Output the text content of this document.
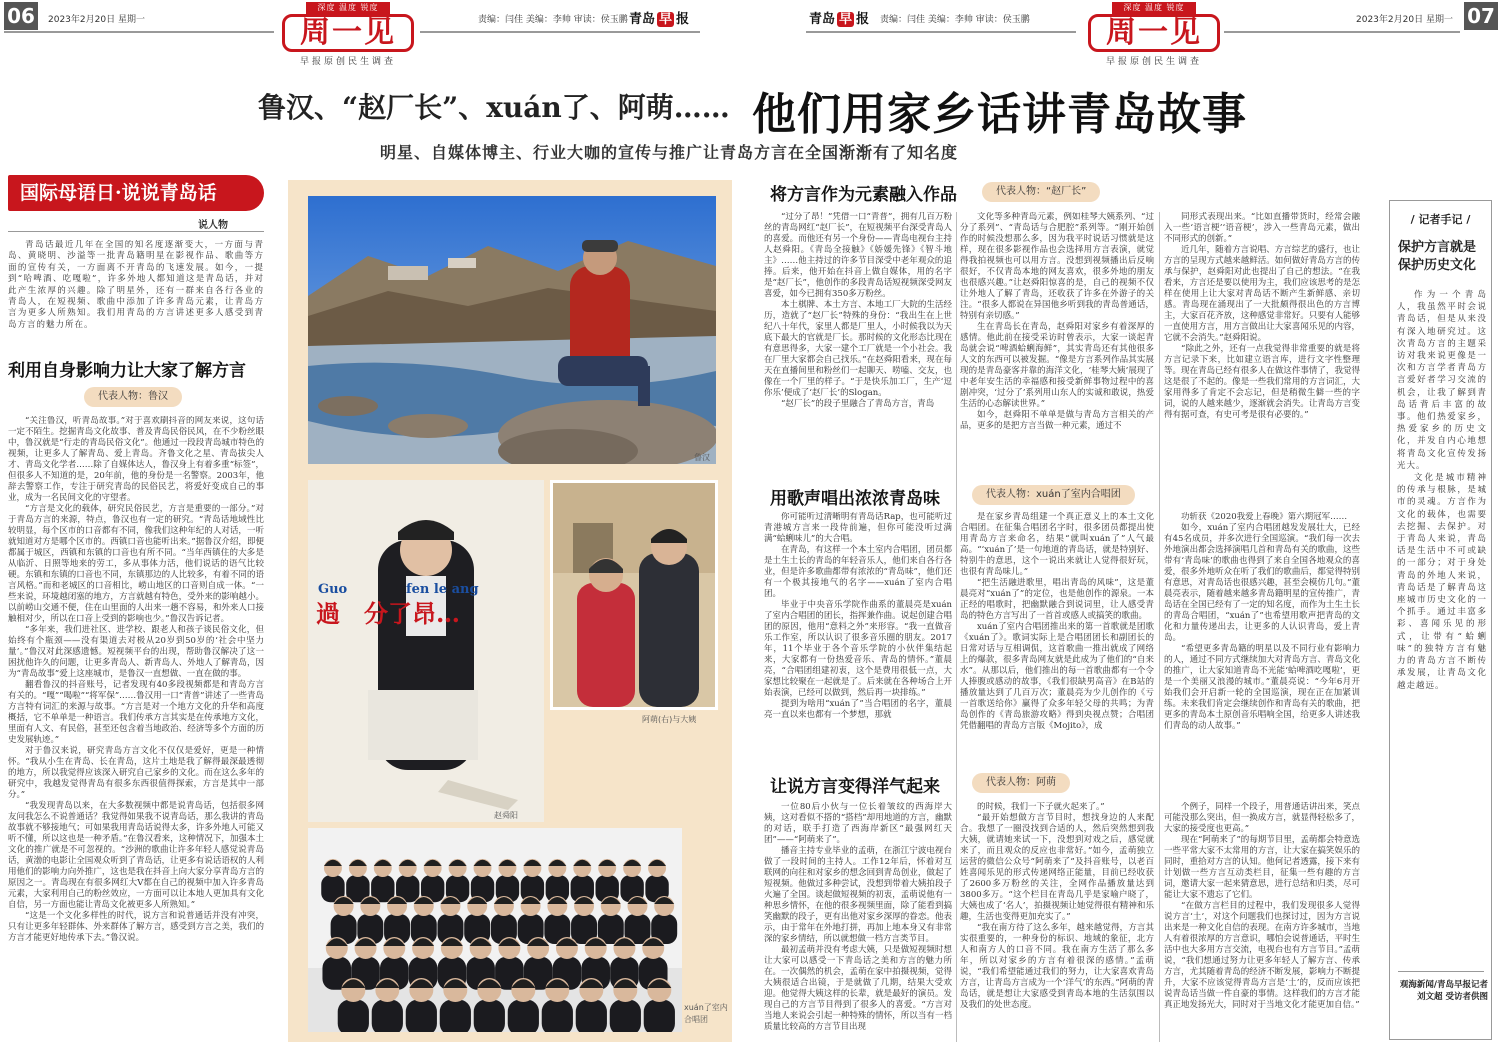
06	2023年2月20日 星期一	责编：闫佳 美编：李帅 审读：侯玉鹏 青岛 早 报	青岛 早 报 责编：闫佳 美编：李帅 审读：侯玉鹏	2023年2月20日 星期一 07
深度 温度 锐度
周一见
早报原创民生调查
深度 温度 锐度
周一见
早报原创民生调查
鲁汉、“赵厂长”、xuán了、阿萌…… 他们用家乡话讲青岛故事
明星、自媒体博主、行业大咖的宣传与推广让青岛方言在全国渐渐有了知名度
国际母语日·说说青岛话
说人物

青岛话最近几年在全国的知名度逐渐变大，一方面与青岛、黄晓明、沙溢等一批青岛籍明星在影视作品、歌曲等方面的宣传有关，一方面离不开青岛的飞速发展。如今，一提到“哈啤酒、吃嘎啦”，许多外地人都知道这是青岛话，并对此产生浓厚的兴趣。除了明星外，还有一群来自各行各业的青岛人，在短视频、歌曲中添加了许多青岛元素，让青岛方言为更多人所熟知。我们用青岛的方言讲述更多人感受到青岛方言的魅力所在。

利用自身影响力让大家了解方言
代表人物：鲁汉

“关注鲁汉，听青岛故事。”对于喜欢刷抖音的网友来说，这句话一定不陌生。挖掘青岛文化故事、普及青岛民俗民风，在不少粉丝眼中，鲁汉就是“行走的青岛民俗文化”。他通过一段段青岛城市特色的视频，让更多人了解青岛、爱上青岛。齐鲁文化之星、青岛拔尖人才、青岛文化学者……除了自媒体达人，鲁汉身上有着多重“标签”，但很多人不知道的是，20年前，他的身份是一名警察。2003年，他辞去警察工作，专注于研究青岛的民俗民艺，将爱好变成自己的事业，成为一名民间文化的守望者。

“方言是文化的载体，研究民俗民艺，方言是重要的一部分。”对于青岛方言的来源，特点，鲁汉也有一定的研究。“青岛话地域性比较明显，每个区市的口音都有不同，像我们这种年纪的人对话，一听就知道对方是哪个区市的。西镇口音也能听出来。”据鲁汉介绍，即便都属于城区，西镇和东镇的口音也有所不同。“当年西镇住的大多是从临沂、日照等地来的劳工，多从事体力活，他们说话的语气比较硬。东镇和东镇的口音也不同，东镇那边的人比较多，有着不同的语言风格。”而和老城区的口音相比，崂山地区的口音则自成一体。“一些来说，环境越闭塞的地方，方言就越有特色，受外来的影响越小。以前崂山交通不便，住在山里面的人出来一趟不容易，和外来人口接触相对少，所以在口音上受到的影响也少。”鲁汉告诉记者。

“多年来，我们进社区、进学校、跟老人和孩子谈民俗文化，但始终有个瓶颈——没有渠道去对极从20岁到50岁的‘社会中坚力量’。”鲁汉对此深感遗憾。短视频平台的出现，帮助鲁汉解决了这一困扰他许久的问题，让更多青岛人、新青岛人、外地人了解青岛，因为“青岛故事”爱上这座城市，是鲁汉一直想做、一直在做的事。

翻看鲁汉的抖音账号，记者发现有40多段视频都是和青岛方言有关的。“嘎”“喝啦”“将军保”……鲁汉用一口“青普”讲述了一些青岛方言特有词汇的来源与故事。“方言是对一个地方文化的升华和高度概括，它不单单是一种语言。我们传承方言其实是在传承地方文化，里面有人文、有民俗，甚至还包含着当地政治、经济等多个方面的历史发展轨迹。”

对于鲁汉来说，研究青岛方言文化不仅仅是爱好，更是一种情怀。“我从小生在青岛、长在青岛，这片土地是我了解得最深最透彻的地方，所以我觉得应该深入研究自己家乡的文化。而在这么多年的研究中，我越发觉得青岛有很多东西很值得探索，方言是其中一部分。”

“我发现青岛以来，在大多数视频中都是说青岛话，包括很多网友问我怎么不说普通话？我觉得如果我不说青岛话，那么我讲的青岛故事就不够接地气；可如果我用青岛话说得太多，许多外地人可能又听不懂，所以这也是一种矛盾。”在鲁汉看来，这种情况下，加强本土文化的推广就是不可忽视的。“沙洲的歌曲让许多年轻人感觉说青岛话，黄渤的电影让全国观众听到了青岛话，让更多有说话语权的人利用他们的影响力向外推广，这也是我在抖音上向大家分享青岛方言的原因之一。青岛现在有很多网红大V都在自己的视频中加入许多青岛元素，大家利用自己的粉丝效应，一方面可以让本地人更加具有文化自信，另一方面也能让青岛文化被更多人所熟知。”

“这是一个文化多样性的时代，说方言和说普通话并没有冲突，只有让更多年轻群体、外来群体了解方言，感受到方言之美，我们的方言才能更好地传承下去。”鲁汉说。

鲁汉
Guo	fen le ang
過　分了昂…
赵舜阳
阿萌(右)与大姨
xuán了室内合唱团
将方言作为元素融入作品	代表人物：“赵厂长”

“过分了昂！”凭借一口“青普”，拥有几百万粉丝的青岛网红“赵厂长”，在短视频平台深受青岛人的喜爱。而他还有另一个身份——青岛电视台主持人赵舜阳。《青岛全接触》《娇媛先锋》《智斗地主》……他主持过的许多节目深受中老年观众的追捧。后来，他开始在抖音上做自媒体，用的名字是“赵厂长”，他创作的多段青岛话短视频深受网友喜爱，如今已拥有350多万粉丝。

本土棋牌、本土方言、本地工厂大院的生活经历，造就了“赵厂长”特殊的身份：“我出生在上世纪八十年代，家里人都是厂里人，小时候我以为天底下最大的官就是厂长。那时候的文化形态比现在有意思得多，大家一建个工厂就是一个小社会。我在厂里大家都会自己找乐。”在赵舜阳看来，现在每天在直播间里和粉丝们一起聊天、唠嗑、交友，也像在一个厂里的样子。“于是快乐加工厂，生产‘逗你乐’便成了‘赵厂长’的Slogan。

“赵厂长”的段子里融合了青岛方言，青岛

文化等多种青岛元素，例如桂琴大姨系列、“过分了系列”、“青岛话与合肥腔”系列等。“刚开始创作的时候没想那么多，因为我平时说话习惯就是这样，现在很多影视作品也会选择用方言表演，就觉得我拍视频也可以用方言。没想到视频播出后反响很好，不仅青岛本地的网友喜欢，很多外地的朋友也很感兴趣。”让赵舜阳惊喜的是，自己的视频不仅让外地人了解了青岛，还收获了许多在外游子的关注。“很多人都说在异国他乡听到我的青岛普通话，特别有亲切感。”

生在青岛长在青岛，赵舜阳对家乡有着深厚的感情。他此前在接受采访时曾表示，大家一谈起青岛就会说“啤酒蛤蜊海鲜”，其实青岛还有其他很多人文的东西可以被发掘。“像是方言系列作品其实展现的是青岛豪客并靠的海洋文化，‘桂琴大姨’展现了中老年安生活的幸福感和接受新鲜事物过程中的喜剧冲突，‘过分了’系列用山东人的实诚和敢说，热爱生活的心态解读世界。”

如今，赵舜阳不单单是做与青岛方言相关的产品，更多的是把方言当做一种元素，通过不

同形式表现出来。“比如直播带货时，经常会融入一些‘语言梗’‘语音梗’，涉入一些青岛元素，做出不同形式的创新。”

近几年，随着方言说唱、方言综艺的盛行，也让方言的呈现方式越来越鲜活。如何做好青岛方言的传承与保护，赵舜阳对此也提出了自己的想法。“在我看来，方言还是要以使用为主，我们应该思考的是怎样在使用上让大家对青岛话不断产生新鲜感、亲切感。青岛现在涌现出了一大批颇得很出色的方言博主，大家百花齐放，这种感觉非常好。只要有人能够一直使用方言，用方言做出让大家喜闻乐见的内容，它就不会消失。”赵舜阳说。

“除此之外，还有一点我觉得非常重要的就是将方言记录下来，比如建立语言库，进行文字性整理等。现在青岛已经有很多人在做这件事情了，我觉得这是很了不起的。像是一些我们常用的方言词汇，大家用得多了肯定不会忘记，但是稍微生僻一些的字词，说的人越来越少，逐渐就会消失。让青岛方言变得有据可查，有史可考是很有必要的。”

用歌声唱出浓浓青岛味	代表人物：xuán了室内合唱团

你可能听过清晰明有青岛话Rap，也可能听过青港城方言来一段侍前遍，但你可能没听过满满“蛤蜊味儿”的大合唱。

在青岛，有这样一个本土室内合唱团，团员都是土生土长的青岛的年轻音乐人，他们来自各行各业，但是许多歌曲都带有浓浓的“青岛味”，他们还有一个极其接地气的名字——xuán了室内合唱团。

毕业于中央音乐学院作曲系的董晨亮是xuán了室内合唱团的团长，指挥兼作曲。说起创建合唱团的原因，他用“意料之外”来形容。“我一直做音乐工作室，所以认识了很多音乐圈的朋友。2017年，11个毕业于各个音乐学院的小伙伴集结起来，大家都有一份热爱音乐、青岛的情怀。”董晨亮，“合唱团组建初衷，这个是费用很低一点，大家想比较聚在一起就是了。后来就在各种场合上开始表演，已经可以做到，然后再一块排练。”

提到为啥用“xuán了”当合唱团的名字，董晨亮一直以来也都有一个梦想，那就

是在家乡青岛组建一个真正意义上的本土文化合唱团。在征集合唱团名字时，很多团员都提出使用青岛方言来命名，结果“就叫xuán了”人气最高。“‘xuán了’是一句地道的青岛话，就是特别好、特别牛的意思，这个一说出来就让人觉得很好玩，也很有青岛味儿。”

“把生活融进歌里，唱出青岛的风味”，这是董晨亮对“xuán了”的定位，也是他创作的源泉。一本正经的唱歌时，把幽默融合到说词里，让人感受青岛的特色方言写出了一首首或感人或搞笑的歌曲。

xuán了室内合唱团推出来的第一首歌就是团歌《xuán了》。歌词实际上是合唱团团长和副团长的日常对话与互相调侃，这首歌曲一推出就成了网络上的爆款，很多青岛网友就是此成为了他们的“自来水”。从那以后，他们推出的每一首歌曲都有一个令人捧腹或感动的故事，《我们很缺男高音》在B站的播放量达到了几百万次；董晨亮为少儿创作的《亏一首歌送给你》赢得了众多年轻父母的共鸣；为青岛创作的《青岛旅游攻略》得到央视点赞；合唱团凭借翻唱的青岛方言版《Mojito》，成

功斩获《2020我爱上春晚》第六期冠军……

如今，xuán了室内合唱团越发发展壮大，已经有45名成员，并多次进行全国巡演。“我们每一次去外地演出都会选择演唱几首和青岛有关的歌曲，这些带有‘青岛味’的歌曲也得到了来自全国各地观众的喜爱，很多外地听众在听了我们的歌曲后，都觉得特别有意思，对青岛话也很感兴趣，甚至会模仿几句。”董晨亮表示，随着越来越多青岛籍明星的宣传推广，青岛话在全国已经有了一定的知名度，而作为土生土长的青岛合唱团，“xuán了”也希望用歌声把青岛的文化和力量传递出去，让更多的人认识青岛，爱上青岛。

“希望更多青岛籍的明星以及不同行业有影响力的人，通过不同方式继续加大对青岛方言、青岛文化的推广，让大家知道青岛不光能‘蛤啤酒吃嘎啦’，更是一个美丽又浪漫的城市。”董晨亮说：“今年6月开始我们会开启新一轮的全国巡演，现在正在加紧训练。未来我们肯定会继续创作和青岛有关的歌曲，把更多的青岛本土原创音乐唱响全国，给更多人讲述我们青岛的动人故事。”

让说方言变得洋气起来	代表人物：阿萌

一位80后小伙与一位长着皱纹的西海岸大姨，这对看似不搭的“搭档”却用地道的方言，幽默的对话，联手打造了西海岸新区“最强网红天团”——“阿萌来了”。

播音主持专业毕业的孟萌，在浙江宁波电视台做了一段时间的主持人。工作12年后，怀着对互联网的向往和对家乡的想念回到青岛创业，做起了短视频。他做过多种尝试，没想到带着大姨拍段子火遍了全国。谈起做短视频的初衷，孟萌说他有一种思乡情怀，在他的很多视频里面，除了能看到搞笑幽默的段子，更有出他对家乡深厚的眷恋。他表示，由于常年在外地打拼，再加上地本身又有非常深的家乡情结，所以就想做一档方言类节目。

最初孟萌并没有考虑大姨，只是做短视频时想让大家可以感受一下青岛话之美和方言的魅力所在。一次偶然的机会，孟萌在家中拍摄视频，觉得大姨很适合出镜，于是就做了几期，结果大受欢迎。他觉得大姨这样的长辈，就是最好的演员。发现自己的方言节目得到了很多人的喜爱。“方言对当地人来说会引起一种特殊的情怀，所以当有一档质量比较高的方言节目出现

的时候，我们一下子就火起来了。”

“最开始想做方言节目时，想找身边的人来配合。我想了一圈没找到合适的人，然后突然想到我大姨，就请她来试一下，没想到对戏之后，感觉就来了，而且观众的反应也非常好。”如今，孟萌独立运营的微信公众号“阿萌来了”及抖音账号，以老百姓喜闻乐见的形式传递网络正能量，目前已经收获了2600多万粉丝的关注，全网作品播放量达到3800多万。“这个栏目在青岛几乎是家喻户晓了，大姨也成了‘名人’，拍摄视频让她觉得很有精神和乐趣，生活也变得更加充实了。”

“我在南方待了这么多年，越来越觉得，方言其实很重要的，一种身份的标识、地域的象征，北方人和南方人的口音不同。我在南方生活了那么多年，所以对家乡的方言有着很深的感情。”孟萌说，“我们希望能通过我们的努力，让大家喜欢青岛方言，让青岛方言成为一个‘洋气’的东西。”阿萌的青岛话，就是想让大家感受到青岛本地的生活氛围以及我们的处世态度。

个例子，同样一个段子，用普通话讲出来，笑点可能没那么突出，但一换成方言，就显得轻松多了，大家的接受度也更高。”

现在“阿萌来了”的每期节目里，孟萌都会特意选一些平常大家不太常用的方言，让大家在搞笑娱乐的同时，重拾对方言的认知。他何记者透露，接下来有计划做一些方言互动类栏目，征集一些有趣的方言词，邀请大家一起来猜意思，进行总结和归类，尽可能让大家不遗忘了它们。

“在做方言栏目的过程中，我们发现很多人觉得说方言‘土’，对这个问题我们也探讨过，因为方言说出来是一种文化自信的表现。在南方许多城市，当地人有着很浓厚的方言意识，哪怕会说普通话，平时生活中也大多用方言交流，电视台也有方言节目。”孟萌说，“我们想通过努力让更多年轻人了解方言、传承方言，尤其随着青岛的经济不断发展，影响力不断提升，大家不应该觉得青岛方言是‘土’的，反而应该把说青岛话当做一件自豪的事情。这样我们的方言才能真正地发扬光大，同时对于当地文化才能更加自信。”

/ 记者手记 /
保护方言就是保护历史文化

作为一个青岛人，我虽然平时会说青岛话，但是从来没有深入地研究过。这次青岛方言的主题采访对我来说更像是一次和方言学者青岛方言爱好者学习交流的机会，让我了解到青岛话背后丰富的故事。他们热爱家乡，热爱家乡的历史文化，并发自内心地想将青岛文化宣传发扬光大。

文化是城市精神的传承与根脉，是城市的灵魂。方言作为文化的载体，也需要去挖掘、去保护。对于青岛人来说，青岛话是生活中不可或缺的一部分；对于身处青岛的外地人来说，青岛话是了解青岛这座城市历史文化的一个抓手。通过丰富多彩、喜闻乐见的形式，让带有“蛤蜊味”的独特方言有魅力的青岛方言不断传承发展，让青岛文化越走越远。

观海新闻/青岛早报记者 刘文超 受访者供图
